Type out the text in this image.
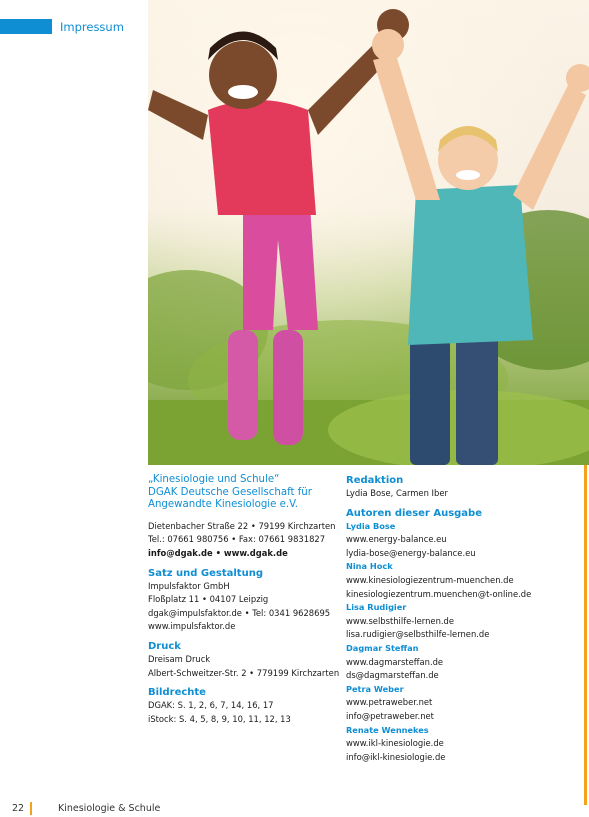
Impressum
„Kinesiologie und Schule“
DGAK Deutsche Gesellschaft für
Angewandte Kinesiologie e.V.
Dietenbacher Straße 22 • 79199 Kirchzarten
Tel.: 07661 980756 • Fax: 07661 9831827
info@dgak.de • www.dgak.de
Satz und Gestaltung
Impulsfaktor GmbH
Floßplatz 11 • 04107 Leipzig
dgak@impulsfaktor.de • Tel: 0341 9628695
www.impulsfaktor.de
Druck
Dreisam Druck
Albert-Schweitzer-Str. 2 • 779199 Kirchzarten
Bildrechte
DGAK: S. 1, 2, 6, 7, 14, 16, 17
iStock: S. 4, 5, 8, 9, 10, 11, 12, 13
Redaktion
Lydia Bose, Carmen Iber
Autoren dieser Ausgabe
Lydia Bose
www.energy-balance.eu
lydia-bose@energy-balance.eu
Nina Hock
www.kinesiologiezentrum-muenchen.de
kinesiologiezentrum.muenchen@t-online.de
Lisa Rudigier
www.selbsthilfe-lernen.de
lisa.rudigier@selbsthilfe-lernen.de
Dagmar Steffan
www.dagmarsteffan.de
ds@dagmarsteffan.de
Petra Weber
www.petraweber.net
info@petraweber.net
Renate Wennekes
www.ikl-kinesiologie.de
info@ikl-kinesiologie.de
22	Kinesiologie & Schule
